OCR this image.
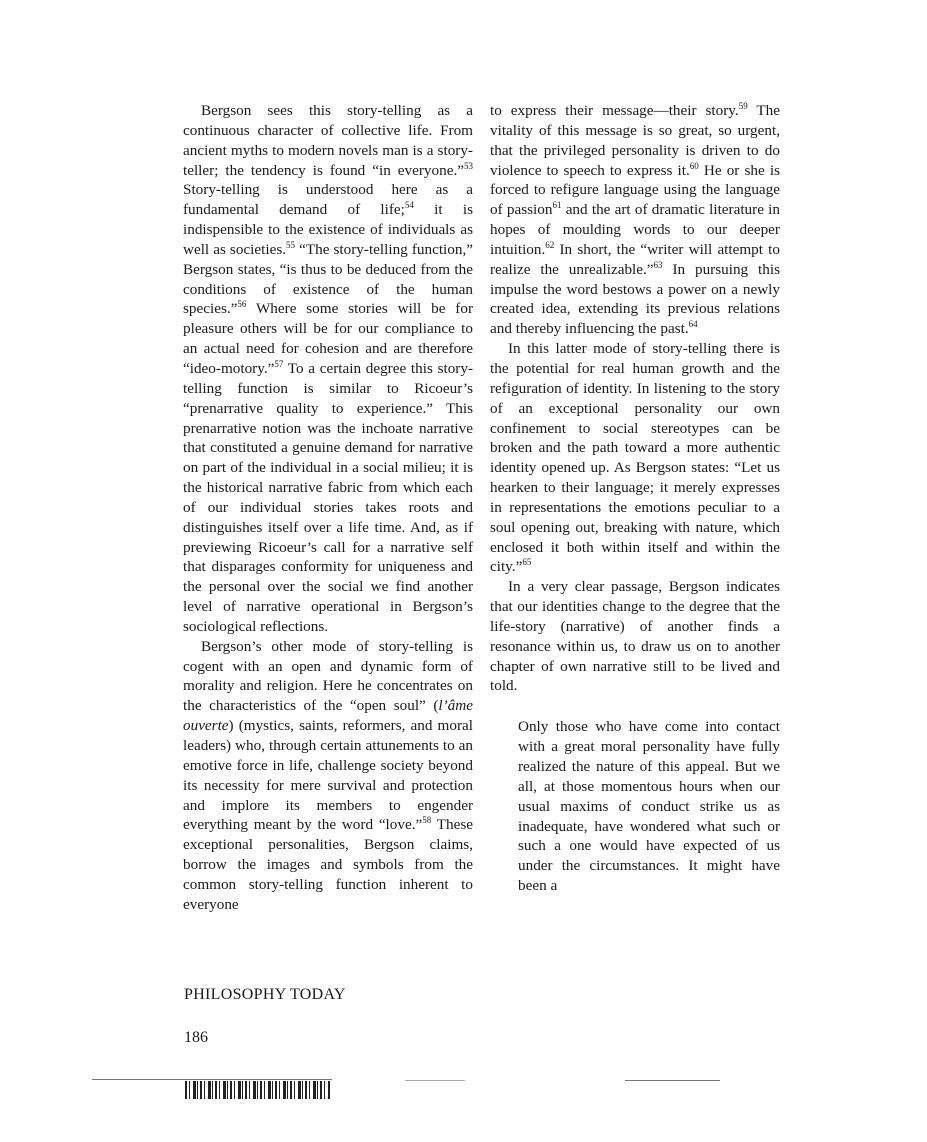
Bergson sees this story-telling as a continuous character of collective life. From ancient myths to modern novels man is a story-teller; the tendency is found “in everyone.”$^{53}$ Story-telling is understood here as a fundamental demand of life;$^{54}$ it is indispensible to the existence of individuals as well as societies.$^{55}$ “The story-telling function,” Bergson states, “is thus to be deduced from the conditions of existence of the human species.”$^{56}$ Where some stories will be for pleasure others will be for our compliance to an actual need for cohesion and are therefore “ideo-motory.”$^{57}$ To a certain degree this story-telling function is similar to Ricoeur’s “prenarrative quality to experience.” This prenarrative notion was the inchoate narrative that constituted a genuine demand for narrative on part of the individual in a social milieu; it is the historical narrative fabric from which each of our individual stories takes roots and distinguishes itself over a life time. And, as if previewing Ricoeur’s call for a narrative self that disparages conformity for uniqueness and the personal over the social we find another level of narrative operational in Bergson’s sociological reflections.

Bergson’s other mode of story-telling is cogent with an open and dynamic form of morality and religion. Here he concentrates on the characteristics of the “open soul” (l’âme ouverte) (mystics, saints, reformers, and moral leaders) who, through certain attunements to an emotive force in life, challenge society beyond its necessity for mere survival and protection and implore its members to engender everything meant by the word “love.”$^{58}$ These exceptional personalities, Bergson claims, borrow the images and symbols from the common story-telling function inherent to everyone

to express their message—their story.$^{59}$ The vitality of this message is so great, so urgent, that the privileged personality is driven to do violence to speech to express it.$^{60}$ He or she is forced to refigure language using the language of passion$^{61}$ and the art of dramatic literature in hopes of moulding words to our deeper intuition.$^{62}$ In short, the “writer will attempt to realize the unrealizable.”$^{63}$ In pursuing this impulse the word bestows a power on a newly created idea, extending its previous relations and thereby influencing the past.$^{64}$

In this latter mode of story-telling there is the potential for real human growth and the refiguration of identity. In listening to the story of an exceptional personality our own confinement to social stereotypes can be broken and the path toward a more authentic identity opened up. As Bergson states: “Let us hearken to their language; it merely expresses in representations the emotions peculiar to a soul opening out, breaking with nature, which enclosed it both within itself and within the city.”$^{65}$

In a very clear passage, Bergson indicates that our identities change to the degree that the life-story (narrative) of another finds a resonance within us, to draw us on to another chapter of own narrative still to be lived and told.

Only those who have come into contact with a great moral personality have fully realized the nature of this appeal. But we all, at those momentous hours when our usual maxims of conduct strike us as inadequate, have wondered what such or such a one would have expected of us under the circumstances. It might have been a

PHILOSOPHY TODAY
186
